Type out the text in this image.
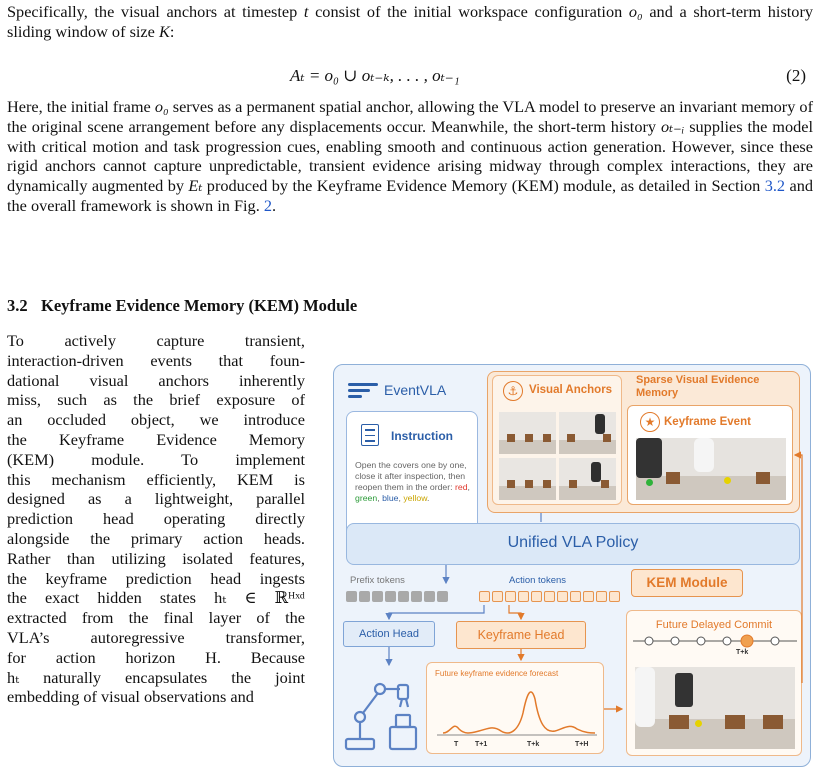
Specifically, the visual anchors at timestep t consist of the initial workspace configuration o₀ and a short-term history sliding window of size K:

Aₜ = o₀ ∪ oₜ₋ₖ, . . . , oₜ₋₁	(2)

Here, the initial frame o₀ serves as a permanent spatial anchor, allowing the VLA model to preserve an invariant memory of the original scene arrangement before any displacements occur. Meanwhile, the short-term history oₜ₋ᵢ supplies the model with critical motion and task progression cues, enabling smooth and continuous action generation. However, since these rigid anchors cannot capture unpredictable, transient evidence arising midway through complex interactions, they are dynamically augmented by Eₜ produced by the Keyframe Evidence Memory (KEM) module, as detailed in Section 3.2 and the overall framework is shown in Fig. 2.

3.2 Keyframe Evidence Memory (KEM) Module
To actively capture transient,
interaction-driven events that foun-
dational visual anchors inherently
miss, such as the brief exposure of
an occluded object, we introduce
the Keyframe Evidence Memory
(KEM) module. To implement
this mechanism efficiently, KEM is
designed as a lightweight, parallel
prediction head operating directly
alongside the primary action heads.
Rather than utilizing isolated features,
the keyframe prediction head ingests
the exact hidden states hₜ ∈ ℝᴴˣᵈ
extracted from the final layer of the
VLA’s autoregressive transformer,
for action horizon H. Because
hₜ naturally encapsulates the joint
embedding of visual observations and
EventVLA
Instruction
Open the covers one by one, close it after inspection, then reopen them in the order: red, green, blue, yellow.
⚓ Visual Anchors
Sparse Visual Evidence Memory
★ Keyframe Event
Unified VLA Policy
Prefix tokens	Action tokens	KEM Module
Action Head	Keyframe Head
Future keyframe evidence forecast
T T+1	T+k	T+H
Future Delayed Commit
T+k
